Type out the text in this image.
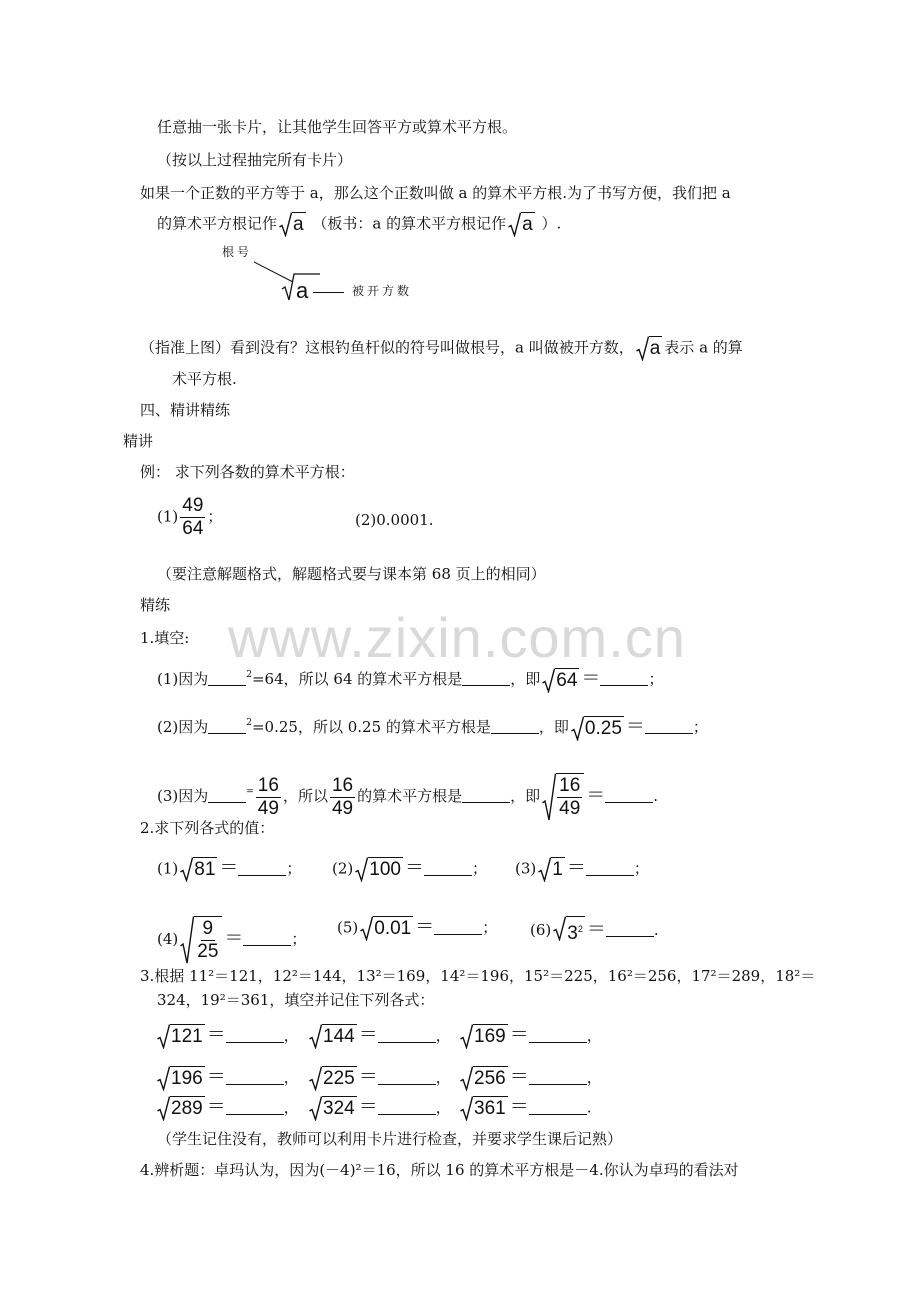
www.zixin.com.cn
任意抽一张卡片，让其他学生回答平方或算术平方根。
（按以上过程抽完所有卡片）
如果一个正数的平方等于 a，那么这个正数叫做 a 的算术平方根.为了书写方便，我们把 a
的算术平方根记作 a （板书：a 的算术平方根记作 a ）.
根号
a	被开方数
（指准上图）看到没有？这根钓鱼杆似的符号叫做根号，a 叫做被开方数， a 表示 a 的算
术平方根.
四、精讲精练
精讲
例： 求下列各数的算术平方根：
$(1) \frac{49}{64}$ ；	(2)0.0001.
（要注意解题格式，解题格式要与课本第 68 页上的相同）
精练
1.填空:
(1)因为	$^2$=64，所以 64 的算术平方根是	，即 64 ＝	；
(2)因为	$^2$=0.25，所以 0.25 的算术平方根是	，即 0.25 ＝	；
(3)因为	$^= \frac{16}{49}$ ，所以 $\frac{16}{49}$ 的算术平方根是	，即 $\frac{16}{49}$ ＝	.
2.求下列各式的值：
(1) 81 ＝	； (2) 100 ＝	； (3) 1 ＝	；
$(4) \frac{9}{25}$ ＝	；
(5) 0.01 ＝	； (6) $3^2$ ＝	.
3.根据 11²＝121，12²＝144，13²＝169，14²＝196，15²＝225，16²＝256，17²＝289，18²＝
324，19²＝361，填空并记住下列各式：
121 ＝	， 144 ＝	， 169 ＝	，
196 ＝	， 225 ＝	， 256 ＝	，
289 ＝	， 324 ＝	， 361 ＝	.
（学生记住没有，教师可以利用卡片进行检查，并要求学生课后记熟）
4.辨析题：卓玛认为，因为(－4)²＝16，所以 16 的算术平方根是－4.你认为卓玛的看法对
